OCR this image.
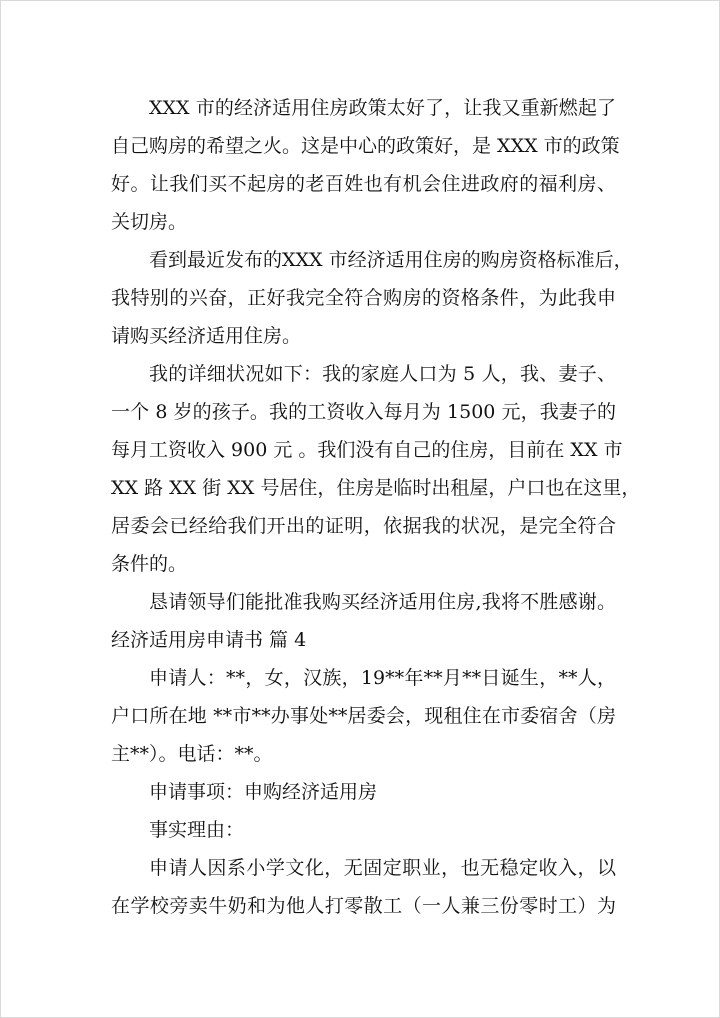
XXX 市的经济适用住房政策太好了，让我又重新燃起了

自己购房的希望之火。这是中心的政策好，是 XXX 市的政策

好。让我们买不起房的老百姓也有机会住进政府的福利房、

关切房。

看到最近发布的XXX 市经济适用住房的购房资格标准后，

我特别的兴奋，正好我完全符合购房的资格条件，为此我申

请购买经济适用住房。

我的详细状况如下：我的家庭人口为 5 人，我、妻子、

一个 8 岁的孩子。我的工资收入每月为 1500 元，我妻子的

每月工资收入 900 元 。我们没有自己的住房，目前在 XX 市

XX 路 XX 街 XX 号居住，住房是临时出租屋，户口也在这里，

居委会已经给我们开出的证明，依据我的状况，是完全符合

条件的。

恳请领导们能批准我购买经济适用住房,我将不胜感谢。

经济适用房申请书 篇 4

申请人：**，女，汉族，19**年**月**日诞生，**人，

户口所在地 **市**办事处**居委会，现租住在市委宿舍（房

主**）。电话：**。

申请事项：申购经济适用房

事实理由：

申请人因系小学文化，无固定职业，也无稳定收入，以

在学校旁卖牛奶和为他人打零散工（一人兼三份零时工）为
